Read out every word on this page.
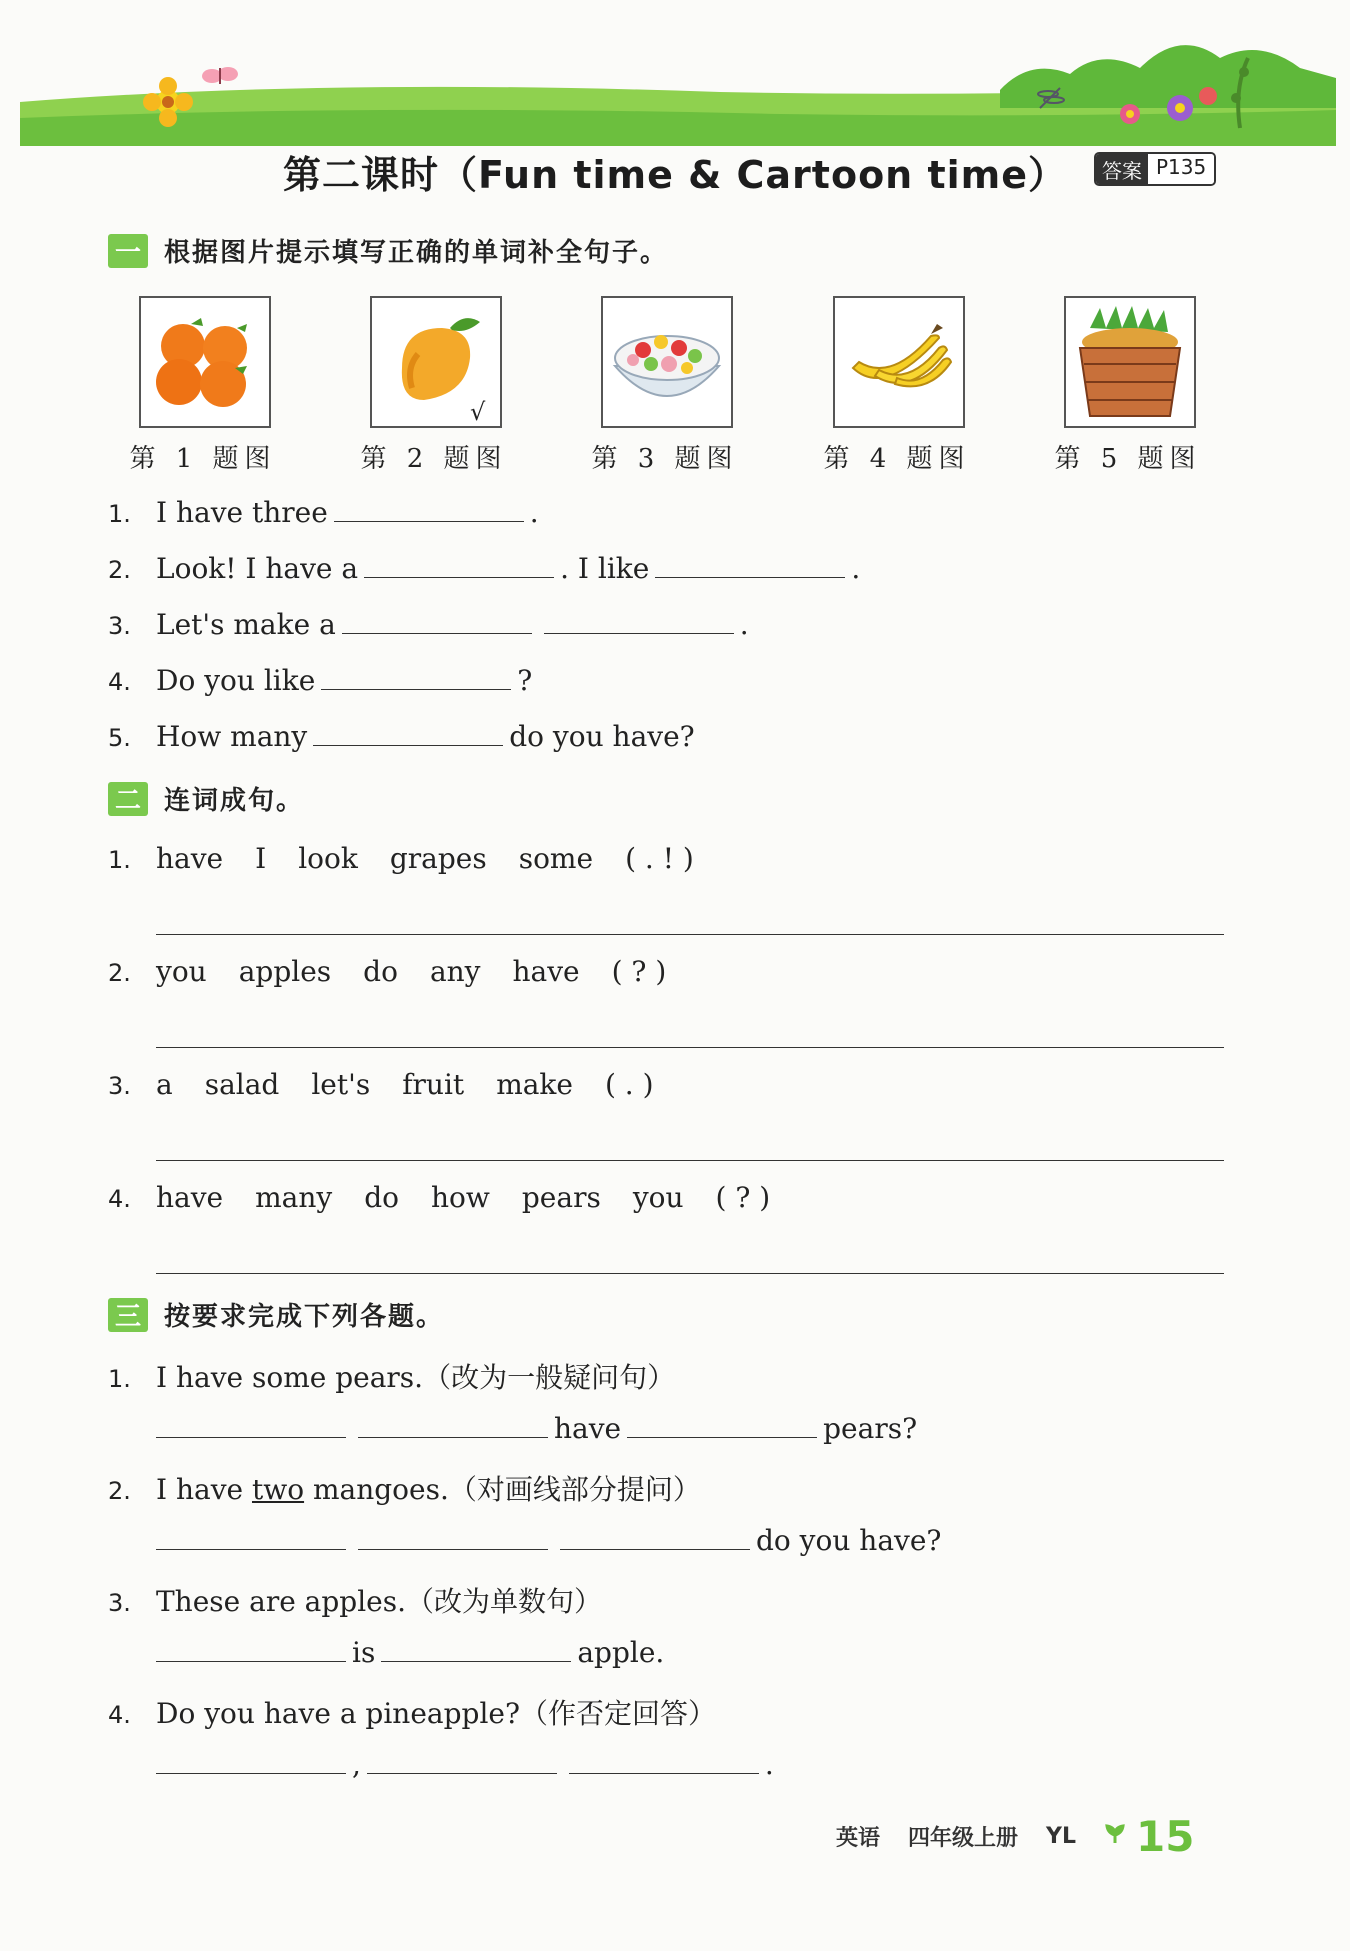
第二课时（Fun time & Cartoon time）	答案 P135
一 根据图片提示填写正确的单词补全句子。
√
第 1 题图	第 2 题图	第 3 题图	第 4 题图	第 5 题图
1. I have three	.
2. Look! I have a	. I like	.
3. Let's make a	.
4. Do you like	?
5. How many	do you have?
二 连词成句。
1. have I look grapes some ( . ! )
2. you apples do any have ( ? )
3. a salad let's fruit make ( . )
4. have many do how pears you ( ? )
三 按要求完成下列各题。
1. I have some pears. （改为一般疑问句）
have	pears?
2. I have
two
mangoes. （对画线部分提问）
do you have?
3. These are apples. （改为单数句）
is	apple.
4. Do you have a pineapple? （作否定回答）
,	.
英语 四年级上册 YL 15
